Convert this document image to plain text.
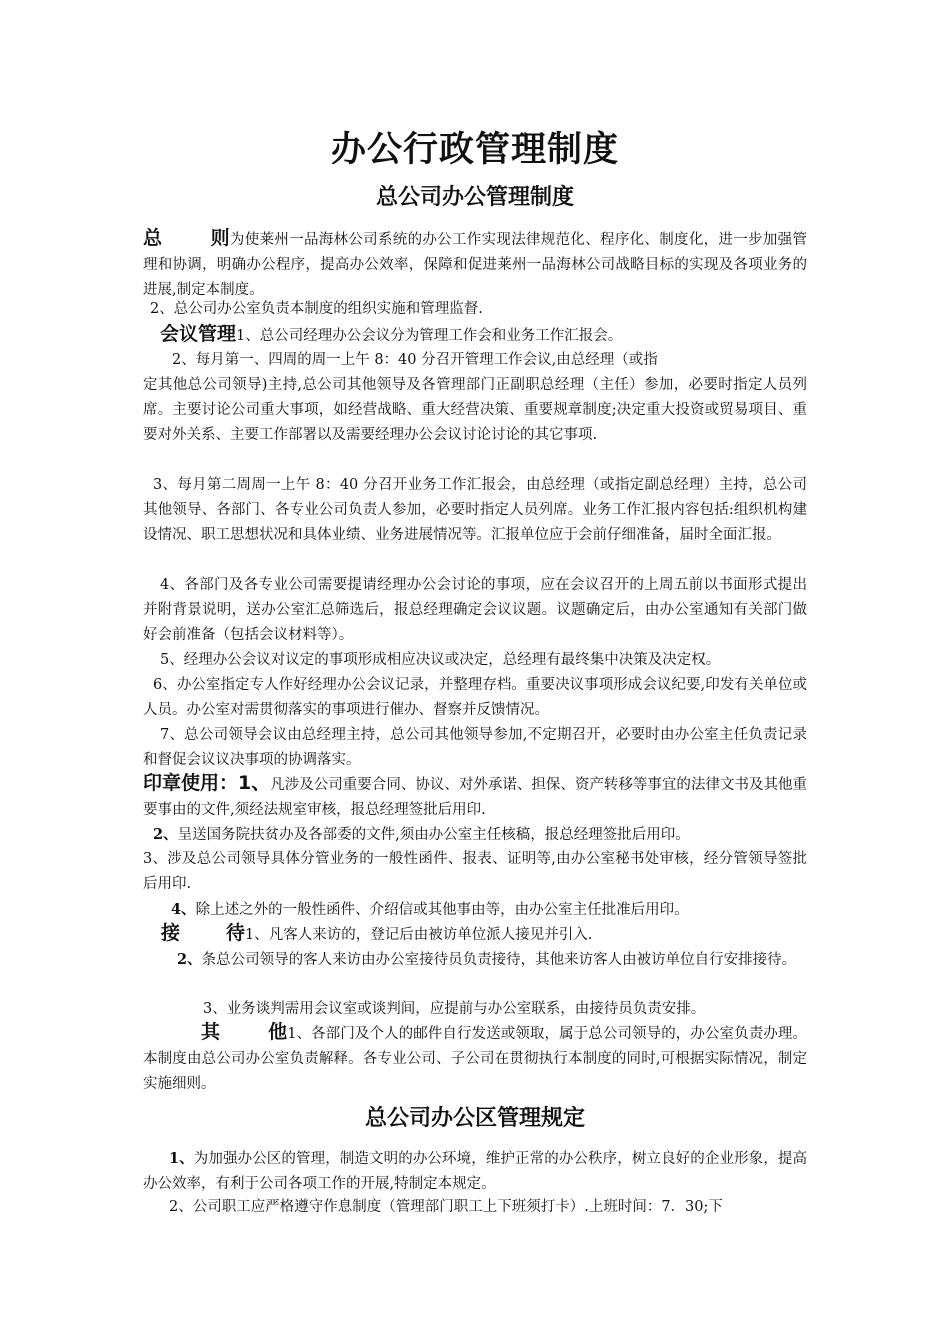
办公行政管理制度
总公司办公管理制度
总	则为使莱州一品海林公司系统的办公工作实现法律规范化、程序化、制度化，进一步加强管理和协调，明确办公程序，提高办公效率，保障和促进莱州一品海林公司战略目标的实现及各项业务的进展,制定本制度。
2、总公司办公室负责本制度的组织实施和管理监督.
会议管理1、总公司经理办公会议分为管理工作会和业务工作汇报会。
2、每月第一、四周的周一上午 8：40 分召开管理工作会议,由总经理（或指
定其他总公司领导)主持,总公司其他领导及各管理部门正副职总经理（主任）参加，必要时指定人员列席。主要讨论公司重大事项，如经营战略、重大经营决策、重要规章制度;决定重大投资或贸易项目、重要对外关系、主要工作部署以及需要经理办公会议讨论讨论的其它事项.
3、每月第二周周一上午 8：40 分召开业务工作汇报会，由总经理（或指定副总经理）主持，总公司其他领导、各部门、各专业公司负责人参加，必要时指定人员列席。业务工作汇报内容包括:组织机构建设情况、职工思想状况和具体业绩、业务进展情况等。汇报单位应于会前仔细准备，届时全面汇报。
4、各部门及各专业公司需要提请经理办公会讨论的事项，应在会议召开的上周五前以书面形式提出并附背景说明，送办公室汇总筛选后，报总经理确定会议议题。议题确定后，由办公室通知有关部门做好会前准备（包括会议材料等）。
5、经理办公会议对议定的事项形成相应决议或决定，总经理有最终集中决策及决定权。
6、办公室指定专人作好经理办公会议记录，并整理存档。重要决议事项形成会议纪要,印发有关单位或人员。办公室对需贯彻落实的事项进行催办、督察并反馈情况。
7、总公司领导会议由总经理主持，总公司其他领导参加,不定期召开，必要时由办公室主任负责记录和督促会议议决事项的协调落实。
印章使用：1、凡涉及公司重要合同、协议、对外承诺、担保、资产转移等事宜的法律文书及其他重要事由的文件,须经法规室审核，报总经理签批后用印.
2、呈送国务院扶贫办及各部委的文件,须由办公室主任核稿，报总经理签批后用印。
3、涉及总公司领导具体分管业务的一般性函件、报表、证明等,由办公室秘书处审核，经分管领导签批后用印.
4、除上述之外的一般性函件、介绍信或其他事由等，由办公室主任批准后用印。
接 待1、凡客人来访的，登记后由被访单位派人接见并引入.
2、条总公司领导的客人来访由办公室接待员负责接待，其他来访客人由被访单位自行安排接待。
3、业务谈判需用会议室或谈判间，应提前与办公室联系，由接待员负责安排。
其	他1、各部门及个人的邮件自行发送或领取，属于总公司领导的，办公室负责办理。本制度由总公司办公室负责解释。各专业公司、子公司在贯彻执行本制度的同时,可根据实际情况，制定实施细则。
总公司办公区管理规定
1、为加强办公区的管理，制造文明的办公环境，维护正常的办公秩序，树立良好的企业形象，提高办公效率，有利于公司各项工作的开展,特制定本规定。
2、公司职工应严格遵守作息制度（管理部门职工上下班须打卡）.上班时间：7．30;下
